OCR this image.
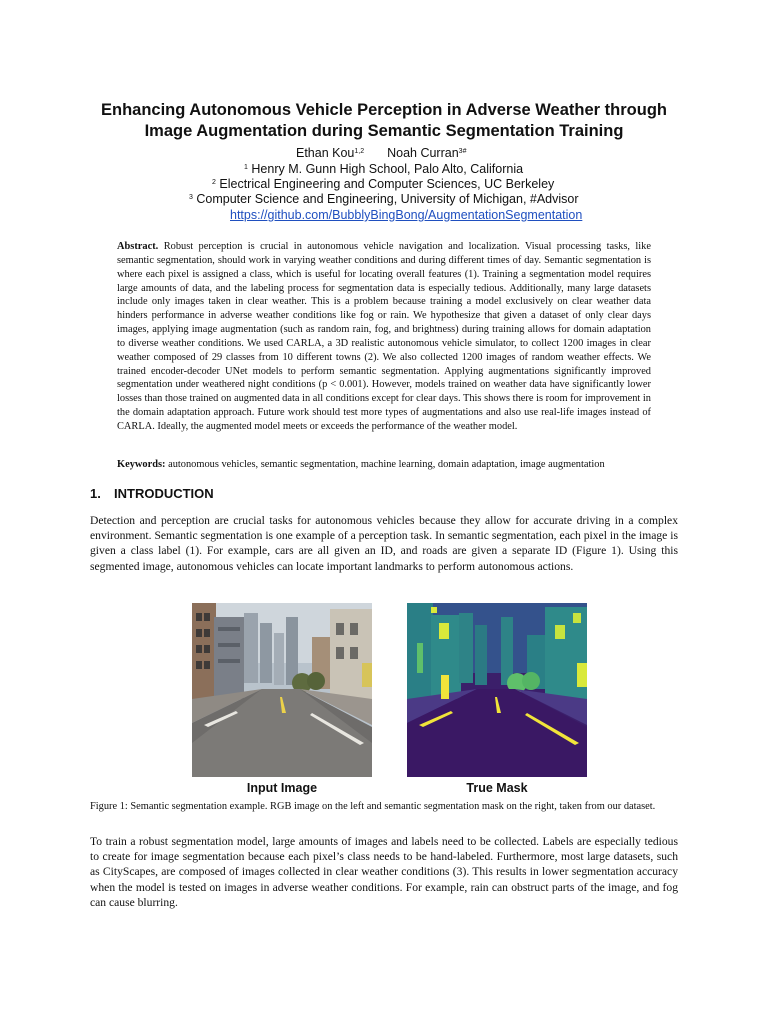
Enhancing Autonomous Vehicle Perception in Adverse Weather through
Image Augmentation during Semantic Segmentation Training
Ethan Kou$^{1,2}$ Noah Curran$^{3\#}$
$^1$ Henry M. Gunn High School, Palo Alto, California
$^2$ Electrical Engineering and Computer Sciences, UC Berkeley
$^3$ Computer Science and Engineering, University of Michigan, #Advisor
https://github.com/BubblyBingBong/AugmentationSegmentation
Abstract. Robust perception is crucial in autonomous vehicle navigation and localization. Visual processing tasks, like semantic segmentation, should work in varying weather conditions and during different times of day. Semantic segmentation is where each pixel is assigned a class, which is useful for locating overall features (1). Training a segmentation model requires large amounts of data, and the labeling process for segmentation data is especially tedious. Additionally, many large datasets include only images taken in clear weather. This is a problem because training a model exclusively on clear weather data hinders performance in adverse weather conditions like fog or rain. We hypothesize that given a dataset of only clear days images, applying image augmentation (such as random rain, fog, and brightness) during training allows for domain adaptation to diverse weather conditions. We used CARLA, a 3D realistic autonomous vehicle simulator, to collect 1200 images in clear weather composed of 29 classes from 10 different towns (2). We also collected 1200 images of random weather effects. We trained encoder-decoder UNet models to perform semantic segmentation. Applying augmentations significantly improved segmentation under weathered night conditions (p < 0.001). However, models trained on weather data have significantly lower losses than those trained on augmented data in all conditions except for clear days. This shows there is room for improvement in the domain adaptation approach. Future work should test more types of augmentations and also use real-life images instead of CARLA. Ideally, the augmented model meets or exceeds the performance of the weather model.
Keywords: autonomous vehicles, semantic segmentation, machine learning, domain adaptation, image augmentation
1. INTRODUCTION
Detection and perception are crucial tasks for autonomous vehicles because they allow for accurate driving in a complex environment. Semantic segmentation is one example of a perception task. In semantic segmentation, each pixel in the image is given a class label (1). For example, cars are all given an ID, and roads are given a separate ID (Figure 1). Using this segmented image, autonomous vehicles can locate important landmarks to perform autonomous actions.
Input Image	True Mask
Figure 1: Semantic segmentation example. RGB image on the left and semantic segmentation mask on the right, taken from our dataset.
To train a robust segmentation model, large amounts of images and labels need to be collected. Labels are especially tedious to create for image segmentation because each pixel’s class needs to be hand-labeled. Furthermore, most large datasets, such as CityScapes, are composed of images collected in clear weather conditions (3). This results in lower segmentation accuracy when the model is tested on images in adverse weather conditions. For example, rain can obstruct parts of the image, and fog can cause blurring.
